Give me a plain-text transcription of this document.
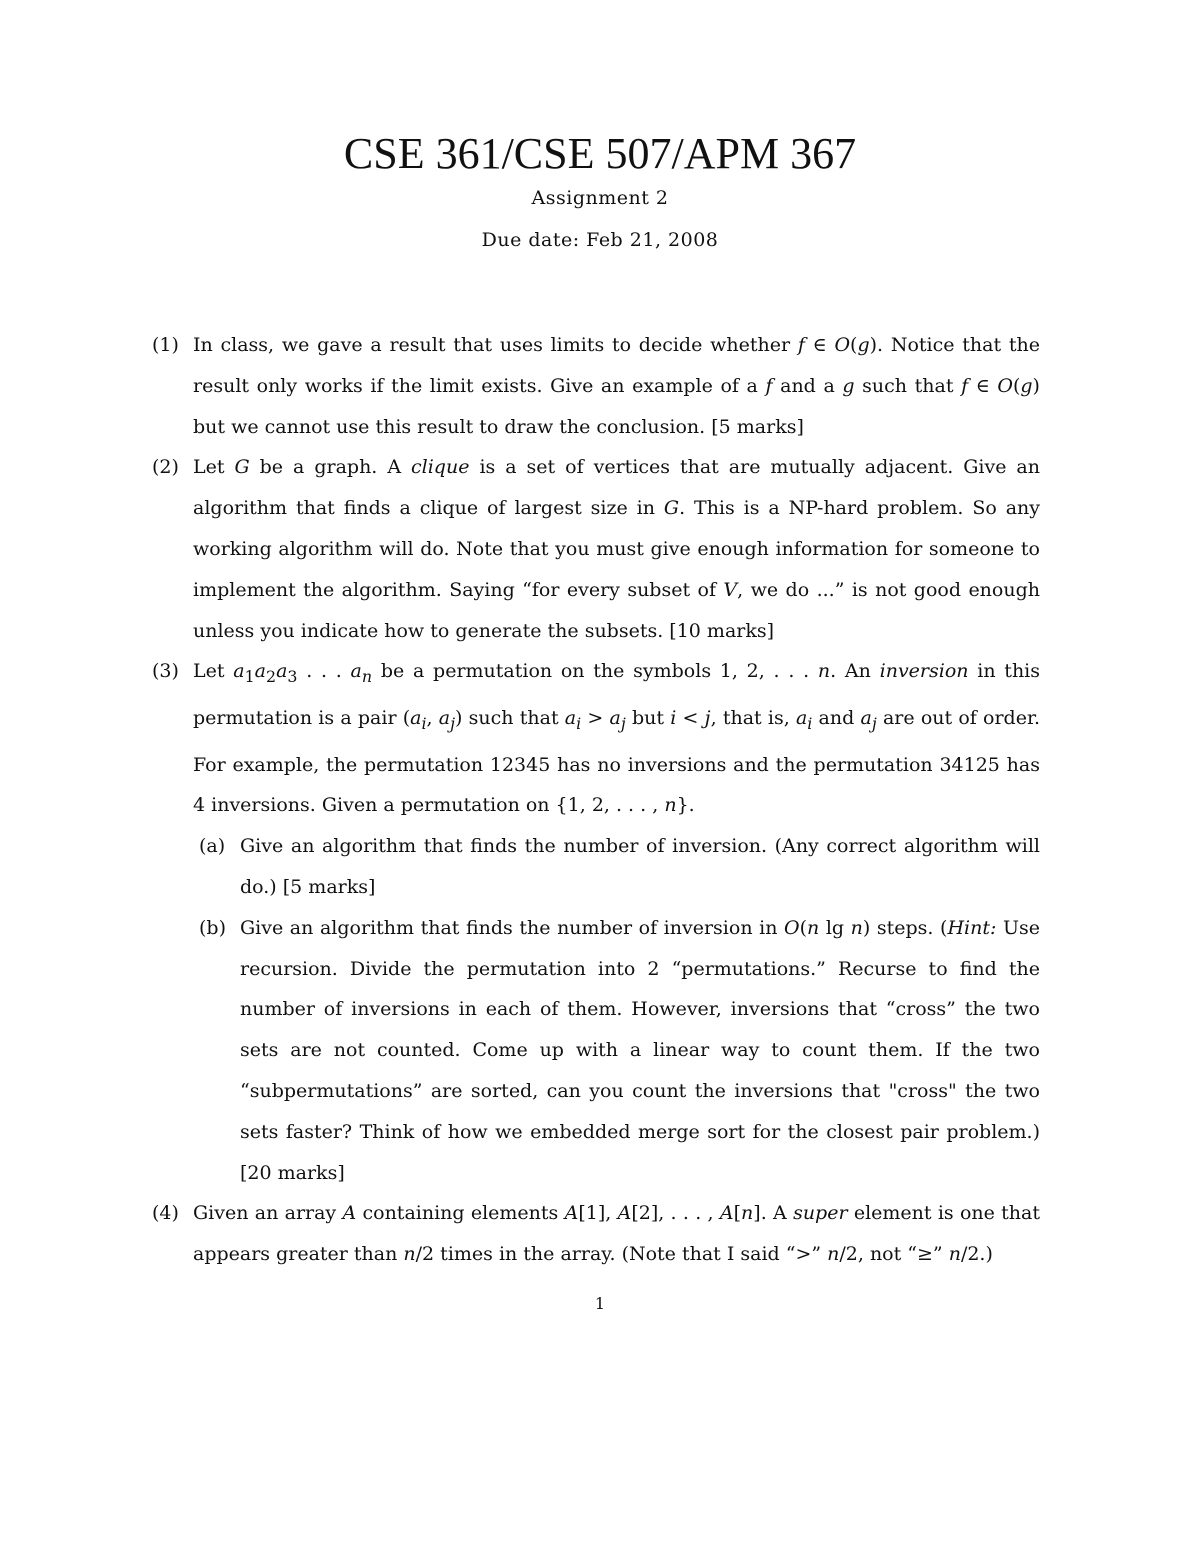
CSE 361/CSE 507/APM 367
Assignment 2
Due date: Feb 21, 2008
(1) In class, we gave a result that uses limits to decide whether f ∈ O(g). Notice that the result only works if the limit exists. Give an example of a f and a g such that f ∈ O(g) but we cannot use this result to draw the conclusion. [5 marks]
(2) Let G be a graph. A clique is a set of vertices that are mutually adjacent. Give an algorithm that finds a clique of largest size in G. This is a NP-hard problem. So any working algorithm will do. Note that you must give enough information for someone to implement the algorithm. Saying “for every subset of V, we do ...” is not good enough unless you indicate how to generate the subsets. [10 marks]
(3) Let $a_1a_2a_3$ . . . $a_n$ be a permutation on the symbols 1, 2, . . . n. An inversion in this permutation is a pair ($a_i$, $a_j$) such that $a_i > a_j$ but i < j, that is, $a_i$ and $a_j$ are out of order. For example, the permutation 12345 has no inversions and the permutation 34125 has 4 inversions. Given a permutation on {1, 2, . . . , n}.
(a) Give an algorithm that finds the number of inversion. (Any correct algorithm will do.) [5 marks]
(b) Give an algorithm that finds the number of inversion in O(n lg n) steps. (Hint: Use recursion. Divide the permutation into 2 “permutations.” Recurse to find the number of inversions in each of them. However, inversions that “cross” the two sets are not counted. Come up with a linear way to count them. If the two “subpermutations” are sorted, can you count the inversions that "cross" the two sets faster? Think of how we embedded merge sort for the closest pair problem.) [20 marks]
(4) Given an array A containing elements A[1], A[2], . . . , A[n]. A super element is one that appears greater than n/2 times in the array. (Note that I said “>” n/2, not “≥” n/2.)
1
